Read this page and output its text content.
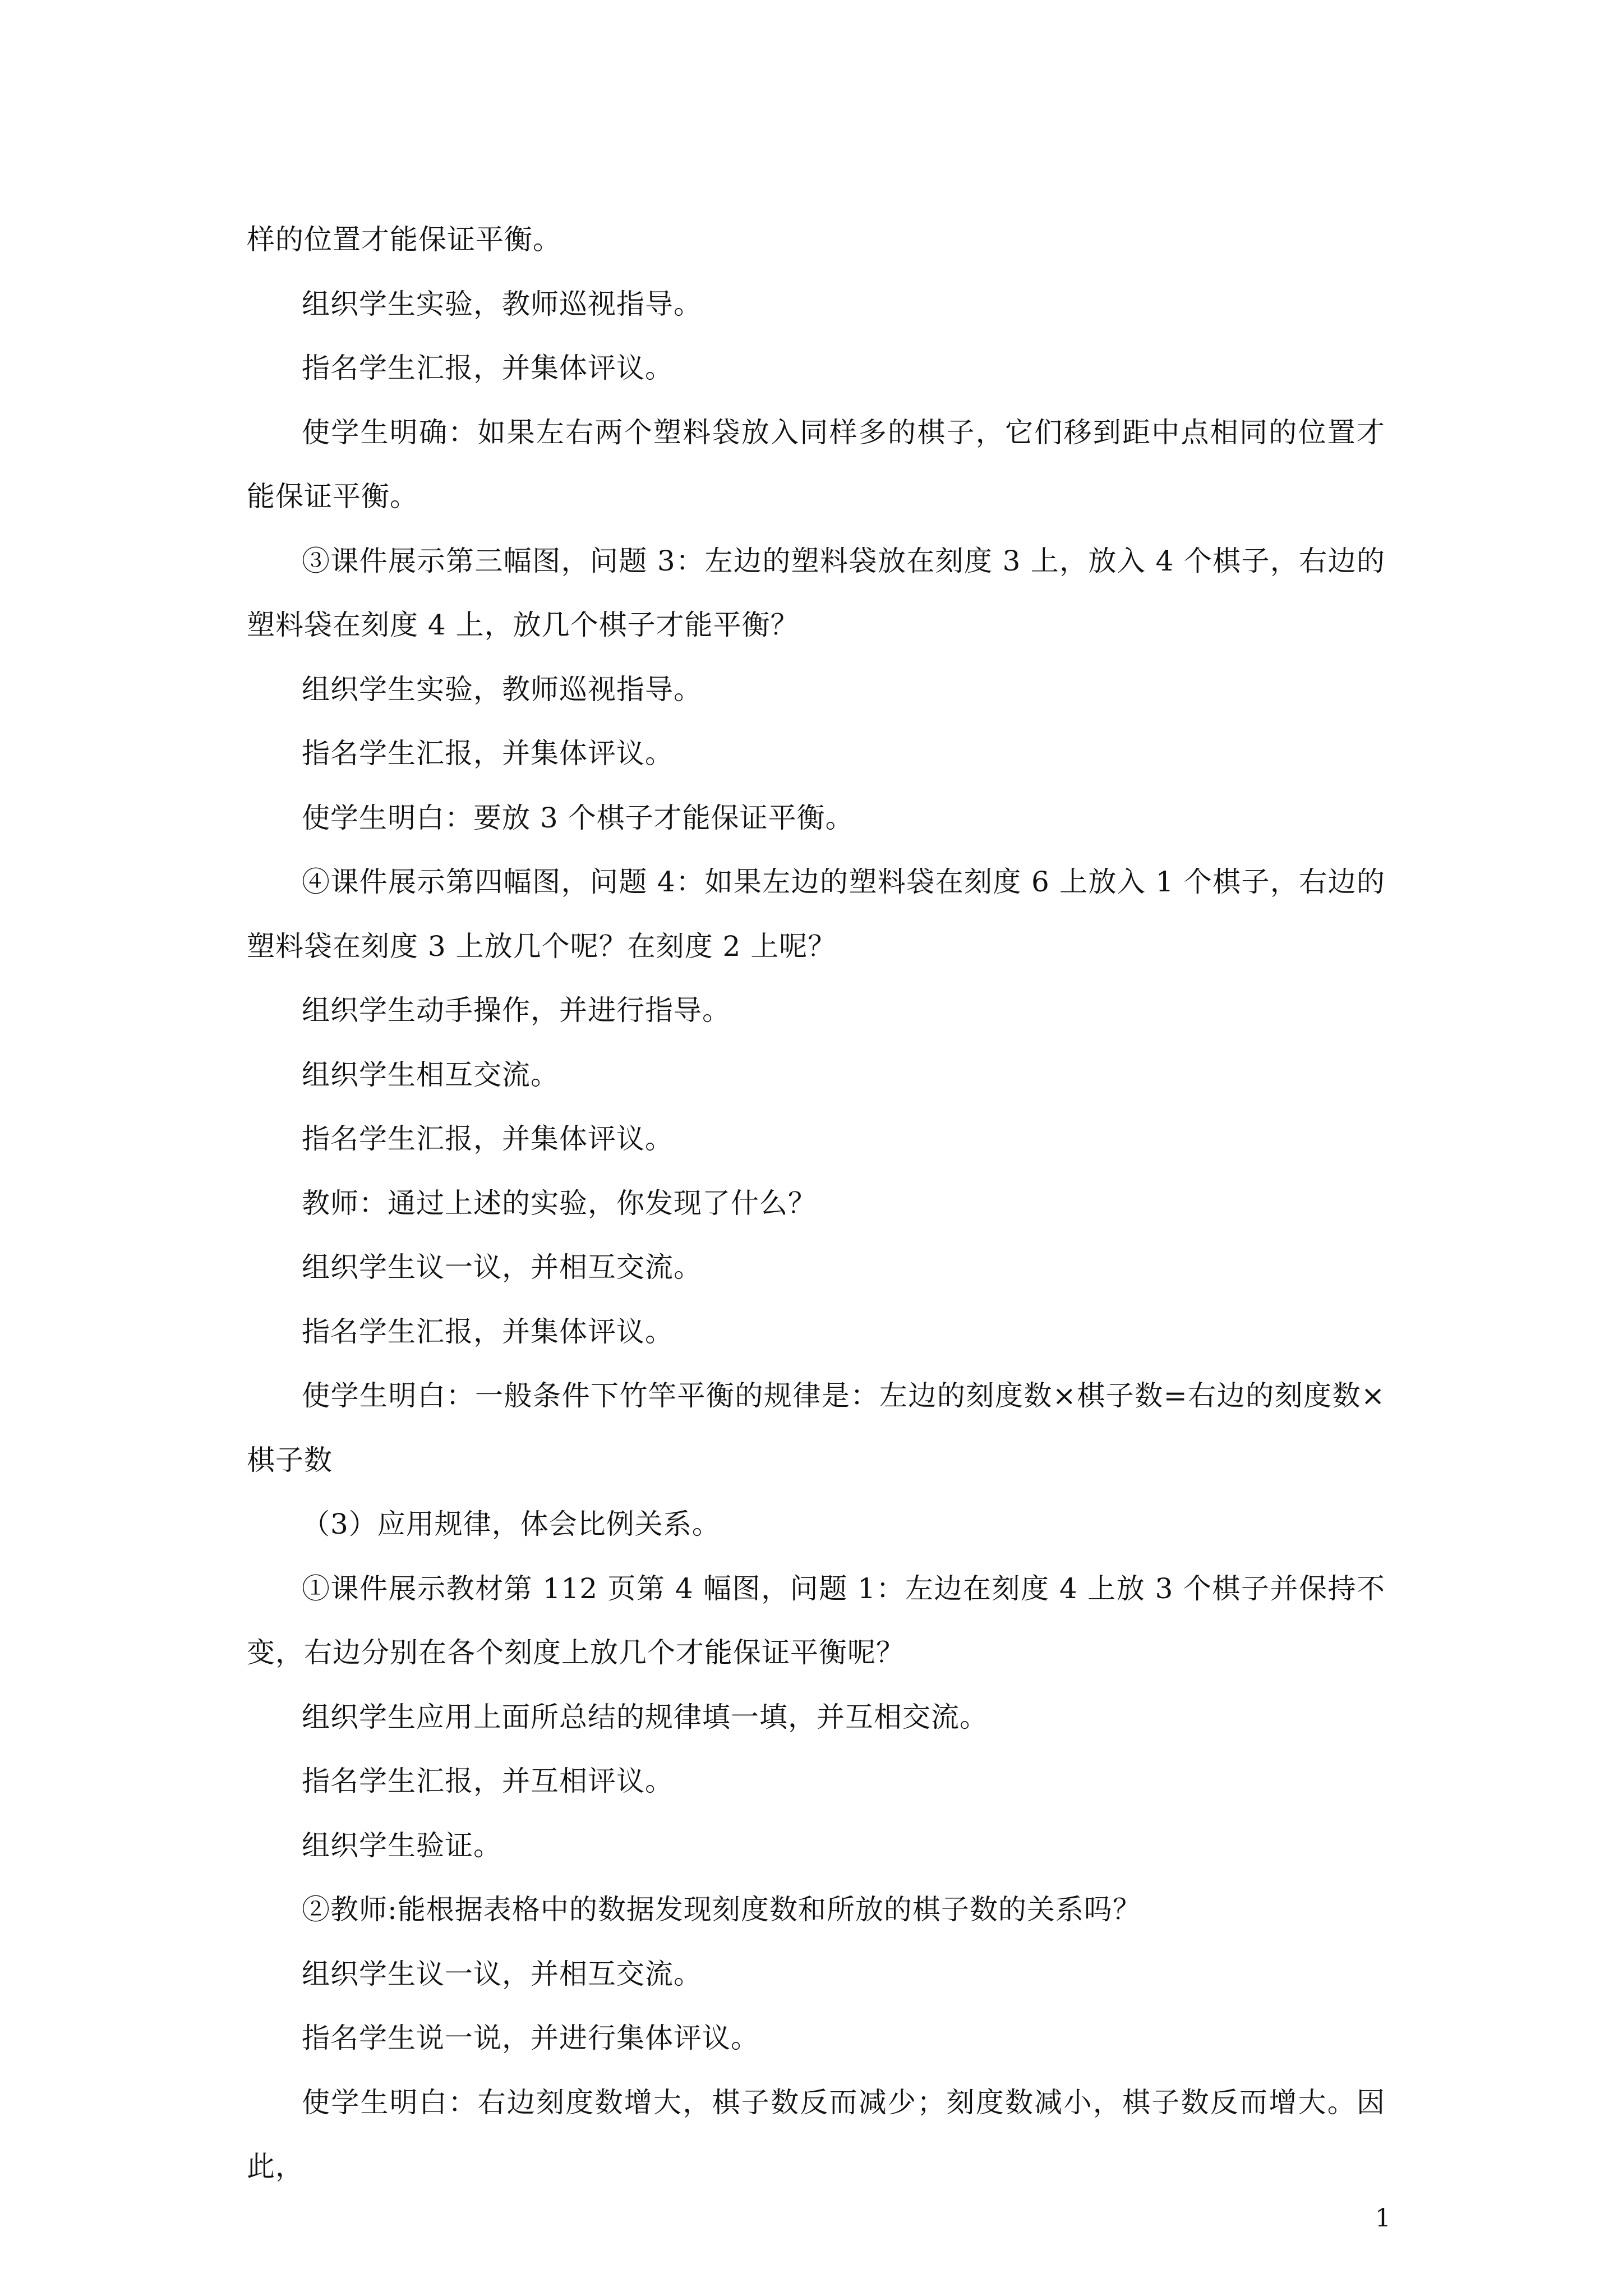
样的位置才能保证平衡。

组织学生实验，教师巡视指导。

指名学生汇报，并集体评议。

使学生明确：如果左右两个塑料袋放入同样多的棋子，它们移到距中点相同的位置才能保证平衡。

③课件展示第三幅图，问题 3：左边的塑料袋放在刻度 3 上，放入 4 个棋子，右边的塑料袋在刻度 4 上，放几个棋子才能平衡？

组织学生实验，教师巡视指导。

指名学生汇报，并集体评议。

使学生明白：要放 3 个棋子才能保证平衡。

④课件展示第四幅图，问题 4：如果左边的塑料袋在刻度 6 上放入 1 个棋子，右边的塑料袋在刻度 3 上放几个呢？在刻度 2 上呢？

组织学生动手操作，并进行指导。

组织学生相互交流。

指名学生汇报，并集体评议。

教师：通过上述的实验，你发现了什么？

组织学生议一议，并相互交流。

指名学生汇报，并集体评议。

使学生明白：一般条件下竹竿平衡的规律是：左边的刻度数×棋子数=右边的刻度数×棋子数

（3）应用规律，体会比例关系。

①课件展示教材第 112 页第 4 幅图，问题 1：左边在刻度 4 上放 3 个棋子并保持不变，右边分别在各个刻度上放几个才能保证平衡呢？

组织学生应用上面所总结的规律填一填，并互相交流。

指名学生汇报，并互相评议。

组织学生验证。

②教师:能根据表格中的数据发现刻度数和所放的棋子数的关系吗？

组织学生议一议，并相互交流。

指名学生说一说，并进行集体评议。

使学生明白：右边刻度数增大，棋子数反而减少；刻度数减小，棋子数反而增大。因此，

1
